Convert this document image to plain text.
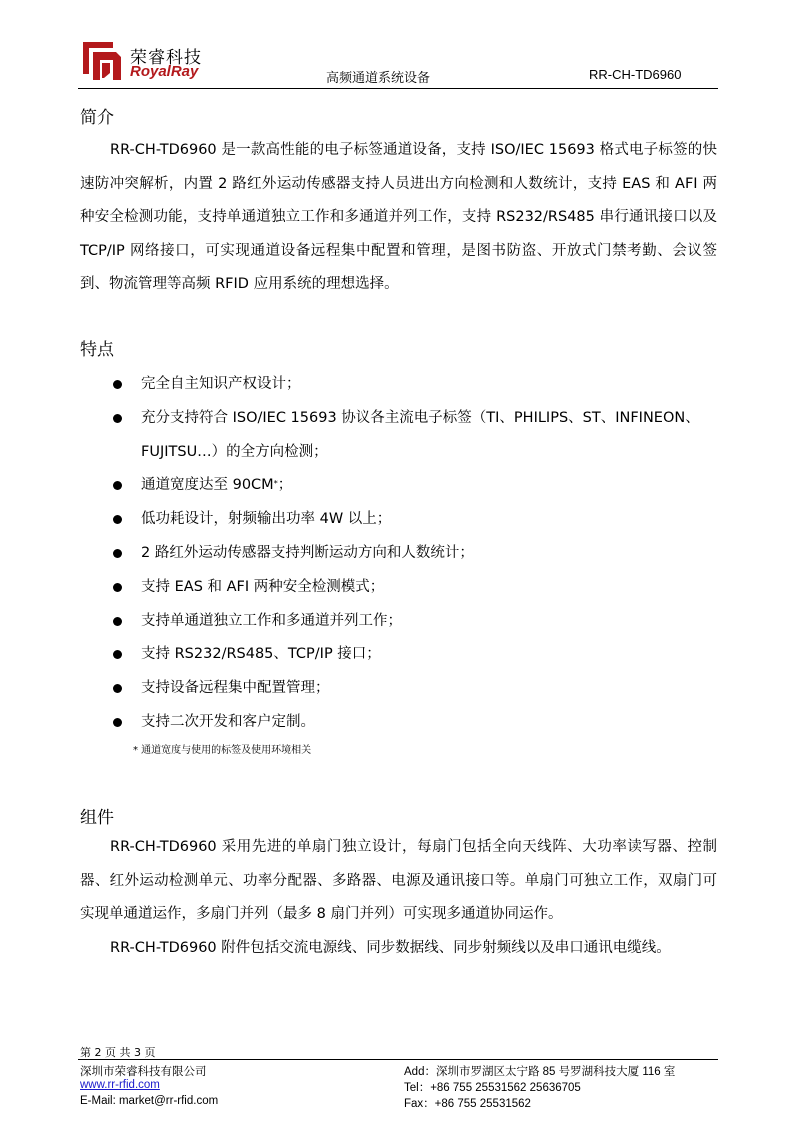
荣睿科技
RoyalRay	高频通道系统设备	RR-CH-TD6960
简介

RR-CH-TD6960 是一款高性能的电子标签通道设备，支持 ISO/IEC 15693 格式电子标签的快速防冲突解析，内置 2 路红外运动传感器支持人员进出方向检测和人数统计，支持 EAS 和 AFI 两种安全检测功能，支持单通道独立工作和多通道并列工作，支持 RS232/RS485 串行通讯接口以及 TCP/IP 网络接口，可实现通道设备远程集中配置和管理，是图书防盗、开放式门禁考勤、会议签到、物流管理等高频 RFID 应用系统的理想选择。

特点
完全自主知识产权设计；
充分支持符合 ISO/IEC 15693 协议各主流电子标签（TI、PHILIPS、ST、INFINEON、FUJITSU…）的全方向检测；
通道宽度达至 90CM*；
低功耗设计，射频输出功率 4W 以上；
2 路红外运动传感器支持判断运动方向和人数统计；
支持 EAS 和 AFI 两种安全检测模式；
支持单通道独立工作和多通道并列工作；
支持 RS232/RS485、TCP/IP 接口；
支持设备远程集中配置管理；
支持二次开发和客户定制。
* 通道宽度与使用的标签及使用环境相关
组件

RR-CH-TD6960 采用先进的单扇门独立设计，每扇门包括全向天线阵、大功率读写器、控制器、红外运动检测单元、功率分配器、多路器、电源及通讯接口等。单扇门可独立工作，双扇门可实现单通道运作，多扇门并列（最多 8 扇门并列）可实现多通道协同运作。

RR-CH-TD6960 附件包括交流电源线、同步数据线、同步射频线以及串口通讯电缆线。

第 2 页 共 3 页
深圳市荣睿科技有限公司
www.rr-rfid.com
E-Mail: market@rr-rfid.com
Add：深圳市罗湖区太宁路 85 号罗湖科技大厦 116 室
Tel：+86 755 25531562 25636705
Fax：+86 755 25531562
